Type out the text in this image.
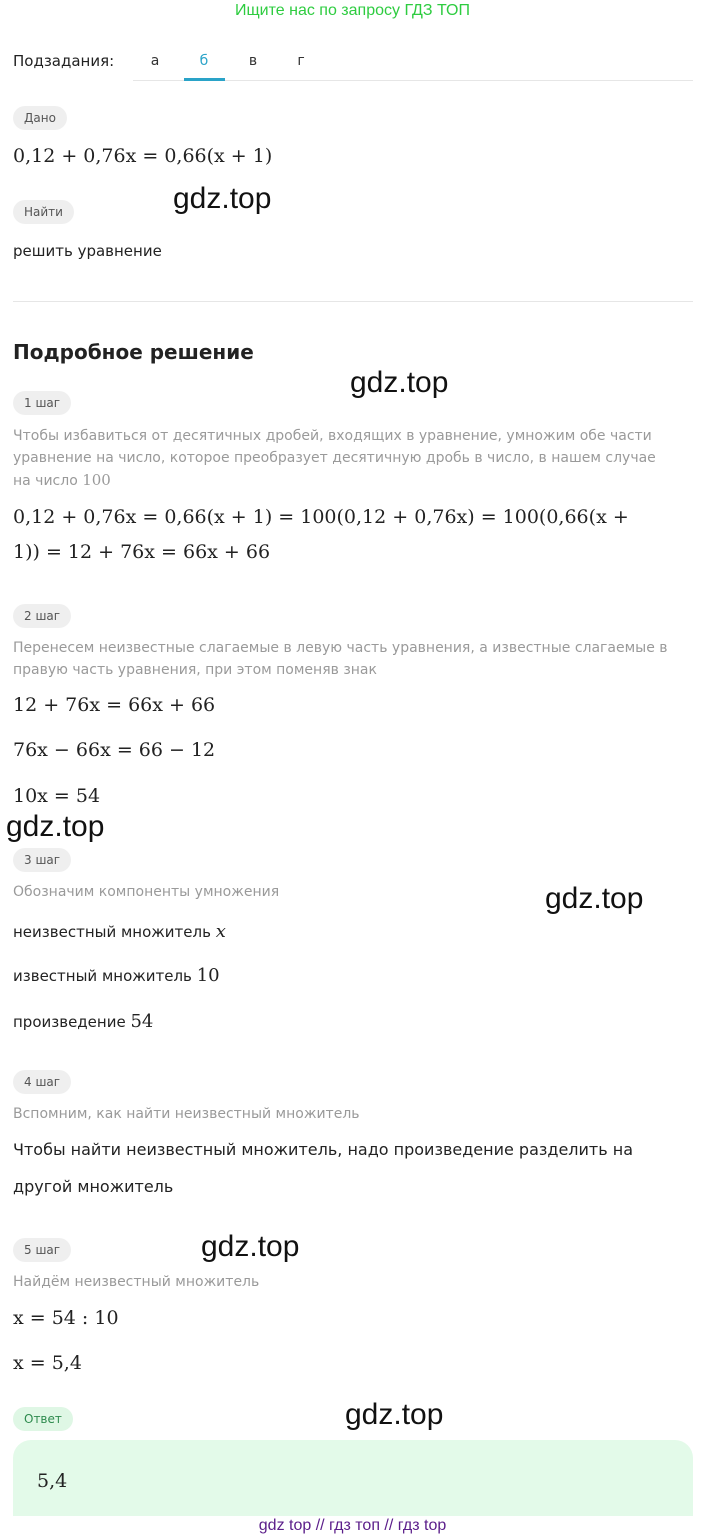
Ищите нас по запросу ГДЗ ТОП
Подзадания:	а	б	в	г
Дано
0,12 + 0,76x = 0,66(x + 1)
Найти
решить уравнение
Подробное решение
1 шаг
Чтобы избавиться от десятичных дробей, входящих в уравнение, умножим обе части
уравнение на число, которое преобразует десятичную дробь в число, в нашем случае
на число 100
0,12 + 0,76x = 0,66(x + 1) = 100(0,12 + 0,76x) = 100(0,66(x +
1)) = 12 + 76x = 66x + 66
2 шаг
Перенесем неизвестные слагаемые в левую часть уравнения, а известные слагаемые в
правую часть уравнения, при этом поменяв знак
12 + 76x = 66x + 66
76x − 66x = 66 − 12
10x = 54
3 шаг
Обозначим компоненты умножения
неизвестный множитель x
известный множитель 10
произведение 54
4 шаг
Вспомним, как найти неизвестный множитель
Чтобы найти неизвестный множитель, надо произведение разделить на
другой множитель
5 шаг
Найдём неизвестный множитель
x = 54 : 10
x = 5,4
Ответ
5,4
gdz.top
gdz.top
gdz.top
gdz.top
gdz.top
gdz.top
gdz top // гдз топ // гдз top
